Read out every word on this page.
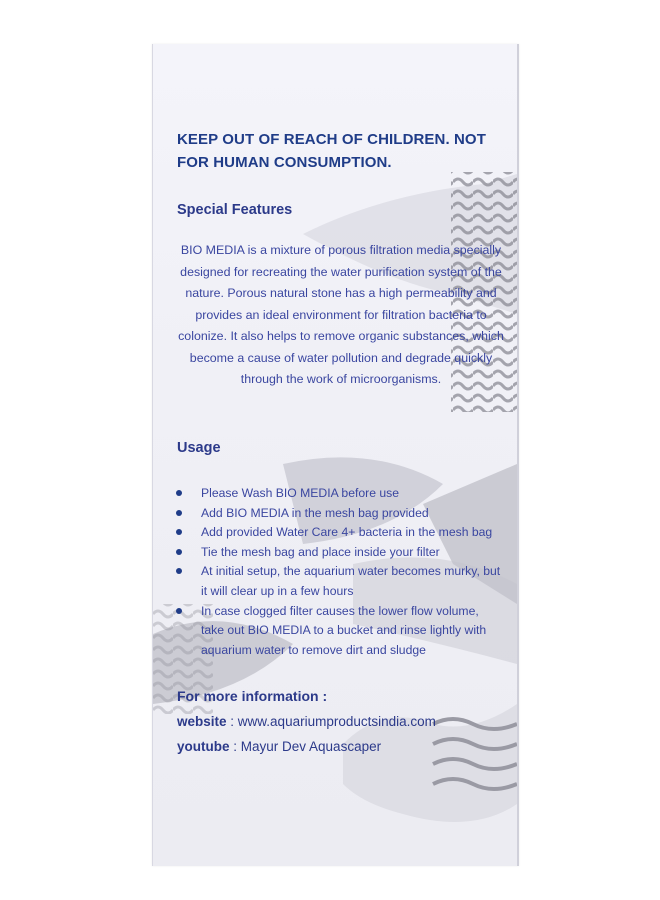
KEEP OUT OF REACH OF CHILDREN. NOT FOR HUMAN CONSUMPTION.
Special Features
BIO MEDIA is a mixture of porous filtration media specially designed for recreating the water purification system of the nature. Porous natural stone has a high permeability and provides an ideal environment for filtration bacteria to colonize. It also helps to remove organic substances, which become a cause of water pollution and degrade quickly through the work of microorganisms.
Usage
Please Wash BIO MEDIA before use
Add BIO MEDIA in the mesh bag provided
Add provided Water Care 4+ bacteria in the mesh bag
Tie the mesh bag and place inside your filter
At initial setup, the aquarium water becomes murky, but it will clear up in a few hours
In case clogged filter causes the lower flow volume, take out BIO MEDIA to a bucket and rinse lightly with aquarium water to remove dirt and sludge
For more information :
website : www.aquariumproductsindia.com
youtube : Mayur Dev Aquascaper
